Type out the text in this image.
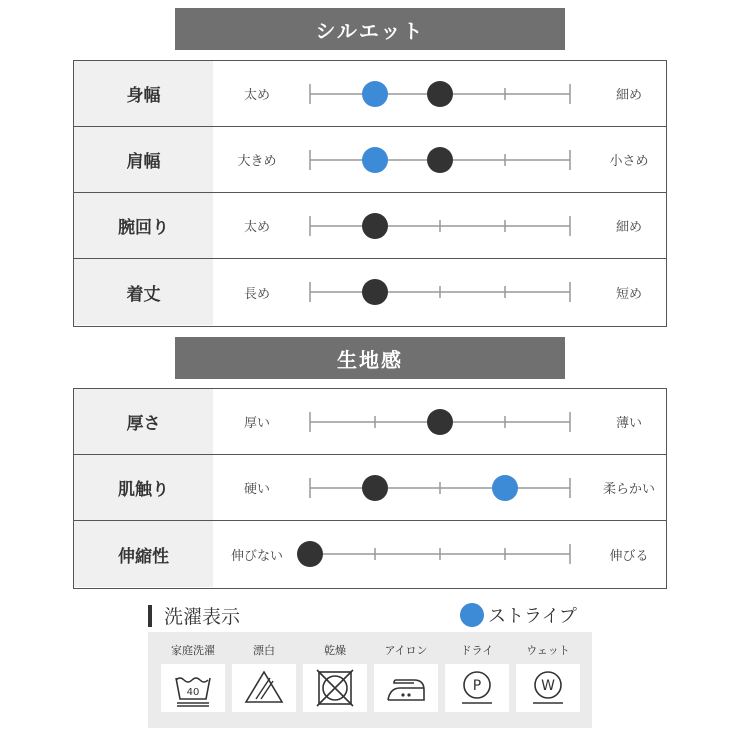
シルエット
身幅	太め	細め
肩幅	大きめ	小さめ
腕回り	太め	細め
着丈	長め	短め
生地感
厚さ	厚い	薄い
肌触り	硬い	柔らかい
伸縮性	伸びない	伸びる
洗濯表示	ストライプ
家庭洗濯
40
漂白	乾燥	アイロン	ドライ
P
ウェット
W
